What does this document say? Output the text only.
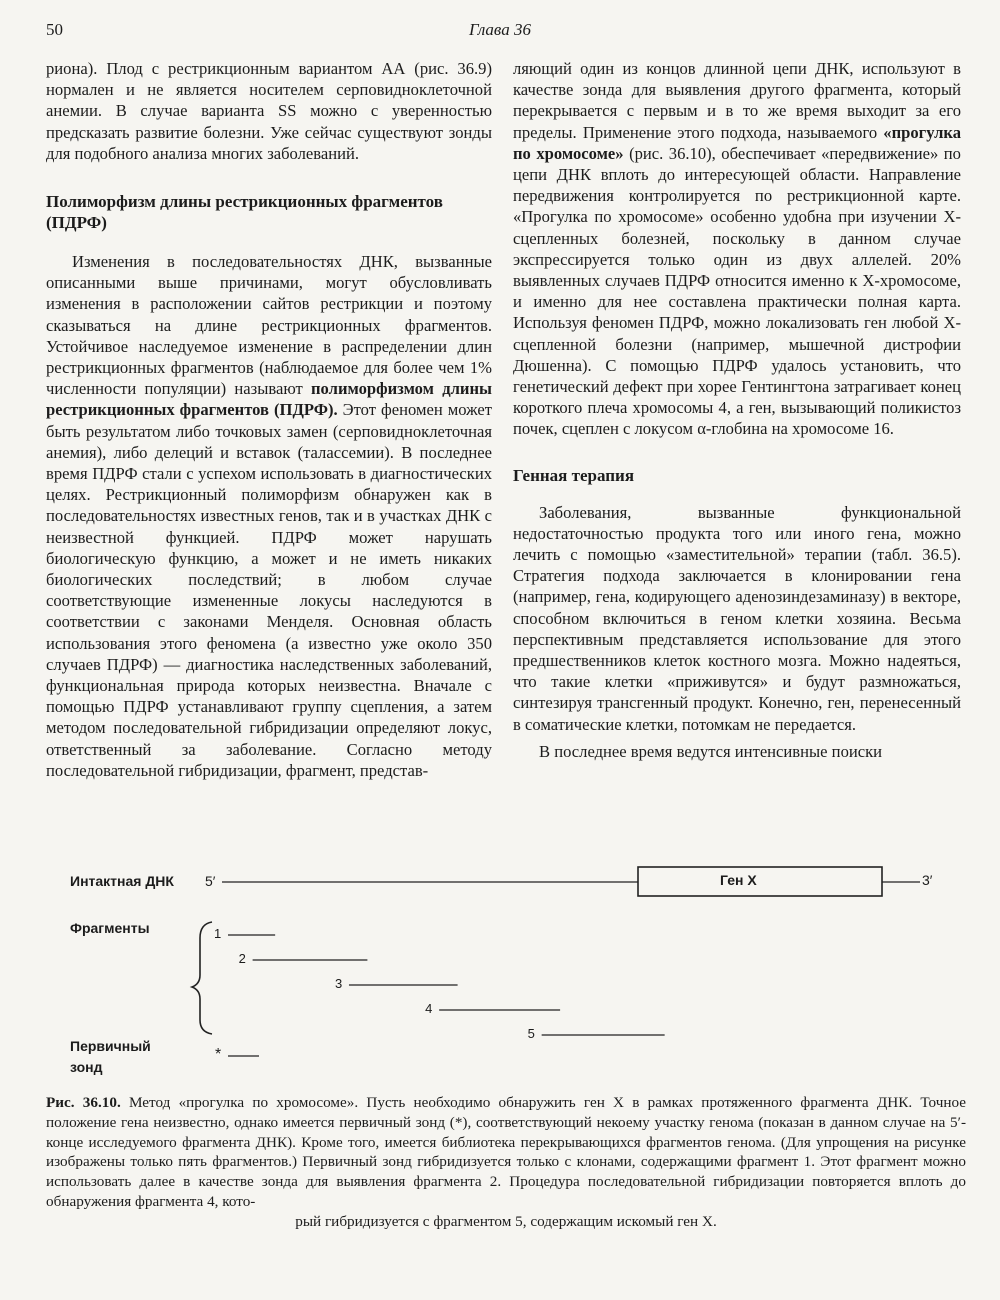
50	Глава 36

риона). Плод с рестрикционным вариантом АА (рис. 36.9) нормален и не является носителем серповидноклеточной анемии. В случае варианта SS можно с уверенностью предсказать развитие болезни. Уже сейчас существуют зонды для подобного анализа многих заболеваний.

Полиморфизм длины рестрикционных фрагментов (ПДРФ)

Изменения в последовательностях ДНК, вызванные описанными выше причинами, могут обусловливать изменения в расположении сайтов рестрикции и поэтому сказываться на длине рестрикционных фрагментов. Устойчивое наследуемое изменение в распределении длин рестрикционных фрагментов (наблюдаемое для более чем 1% численности популяции) называют полиморфизмом длины рестрикционных фрагментов (ПДРФ). Этот феномен может быть результатом либо точковых замен (серповидноклеточная анемия), либо делеций и вставок (талассемии). В последнее время ПДРФ стали с успехом использовать в диагностических целях. Рестрикционный полиморфизм обнаружен как в последовательностях известных генов, так и в участках ДНК с неизвестной функцией. ПДРФ может нарушать биологическую функцию, а может и не иметь никаких биологических последствий; в любом случае соответствующие измененные локусы наследуются в соответствии с законами Менделя. Основная область использования этого феномена (а известно уже около 350 случаев ПДРФ) — диагностика наследственных заболеваний, функциональная природа которых неизвестна. Вначале с помощью ПДРФ устанавливают группу сцепления, а затем методом последовательной гибридизации определяют локус, ответственный за заболевание. Согласно методу последовательной гибридизации, фрагмент, представ-

ляющий один из концов длинной цепи ДНК, используют в качестве зонда для выявления другого фрагмента, который перекрывается с первым и в то же время выходит за его пределы. Применение этого подхода, называемого «прогулка по хромосоме» (рис. 36.10), обеспечивает «передвижение» по цепи ДНК вплоть до интересующей области. Направление передвижения контролируется по рестрикционной карте. «Прогулка по хромосоме» особенно удобна при изучении Х-сцепленных болезней, поскольку в данном случае экспрессируется только один из двух аллелей. 20% выявленных случаев ПДРФ относится именно к Х-хромосоме, и именно для нее составлена практически полная карта. Используя феномен ПДРФ, можно локализовать ген любой Х-сцепленной болезни (например, мышечной дистрофии Дюшенна). С помощью ПДРФ удалось установить, что генетический дефект при хорее Гентингтона затрагивает конец короткого плеча хромосомы 4, а ген, вызывающий поликистоз почек, сцеплен с локусом α-глобина на хромосоме 16.

Генная терапия

Заболевания, вызванные функциональной недостаточностью продукта того или иного гена, можно лечить с помощью «заместительной» терапии (табл. 36.5). Стратегия подхода заключается в клонировании гена (например, гена, кодирующего аденозиндезаминазу) в векторе, способном включиться в геном клетки хозяина. Весьма перспективным представляется использование для этого предшественников клеток костного мозга. Можно надеяться, что такие клетки «приживутся» и будут размножаться, синтезируя трансгенный продукт. Конечно, ген, перенесенный в соматические клетки, потомкам не передается.

В последнее время ведутся интенсивные поиски

Интактная ДНК 5′	Ген X	3′
Фрагменты	1
2
3
4
5
Первичный
зонд
*
Рис. 36.10. Метод «прогулка по хромосоме». Пусть необходимо обнаружить ген X в рамках протяженного фрагмента ДНК. Точное положение гена неизвестно, однако имеется первичный зонд (*), соответствующий некоему участку генома (показан в данном случае на 5′-конце исследуемого фрагмента ДНК). Кроме того, имеется библиотека перекрывающихся фрагментов генома. (Для упрощения на рисунке изображены только пять фрагментов.) Первичный зонд гибридизуется только с клонами, содержащими фрагмент 1. Этот фрагмент можно использовать далее в качестве зонда для выявления фрагмента 2. Процедура последовательной гибридизации повторяется вплоть до обнаружения фрагмента 4, кото-
рый гибридизуется с фрагментом 5, содержащим искомый ген X.
